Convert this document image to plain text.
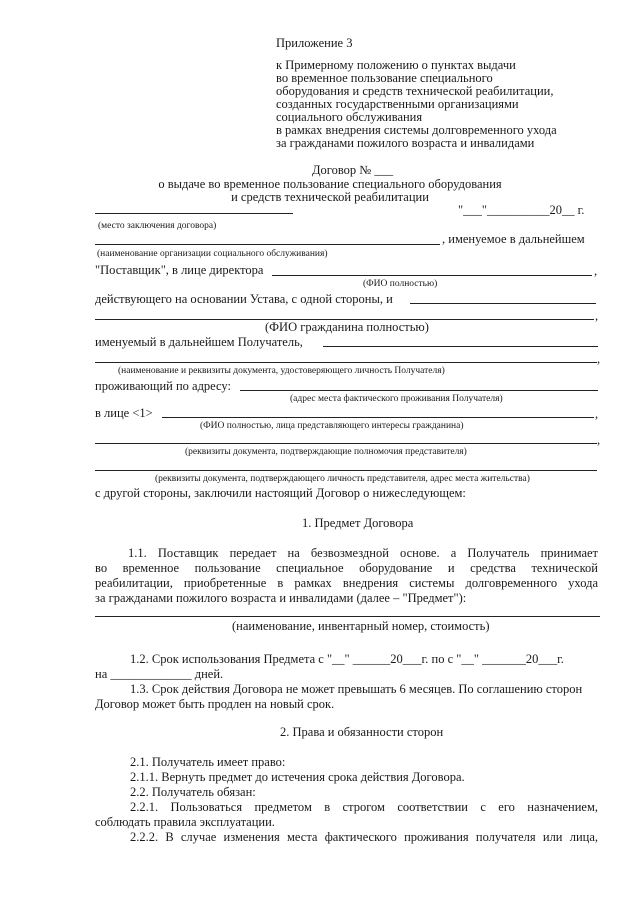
Приложение 3
к Примерному положению о пунктах выдачи
во временное пользование специального
оборудования и средств технической реабилитации,
созданных государственными организациями
социального обслуживания
в рамках внедрения системы долговременного ухода
за гражданами пожилого возраста и инвалидами
Договор № ___
о выдаче во временное пользование специального оборудования
и средств технической реабилитации
"___"__________20__ г.
(место заключения договора)
, именуемое в дальнейшем
(наименование организации социального обслуживания)
"Поставщик", в лице директора	,
(ФИО полностью)
действующего на основании Устава, с одной стороны, и
,
(ФИО гражданина полностью)
именуемый в дальнейшем Получатель,
,
(наименование и реквизиты документа, удостоверяющего личность Получателя)
проживающий по адресу:
(адрес места фактического проживания Получателя)
в лице <1>	,
(ФИО полностью, лица представляющего интересы гражданина)
,
(реквизиты документа, подтверждающие полномочия представителя)
(реквизиты документа, подтверждающего личность представителя, адрес места жительства)
с другой стороны, заключили настоящий Договор о нижеследующем:
1. Предмет Договора
1.1. Поставщик передает на безвозмездной основе. а Получатель принимает
во временное пользование специальное оборудование и средства технической
реабилитации, приобретенные в рамках внедрения системы долговременного ухода
за гражданами пожилого возраста и инвалидами (далее – "Предмет"):
(наименование, инвентарный номер, стоимость)
1.2. Срок использования Предмета с "__" ______20___г. по с "__" _______20___г.
на _____________ дней.
1.3. Срок действия Договора не может превышать 6 месяцев. По соглашению сторон
Договор может быть продлен на новый срок.
2. Права и обязанности сторон
2.1. Получатель имеет право:
2.1.1. Вернуть предмет до истечения срока действия Договора.
2.2. Получатель обязан:
2.2.1. Пользоваться предметом в строгом соответствии с его назначением,
соблюдать правила эксплуатации.
2.2.2. В случае изменения места фактического проживания получателя или лица,
